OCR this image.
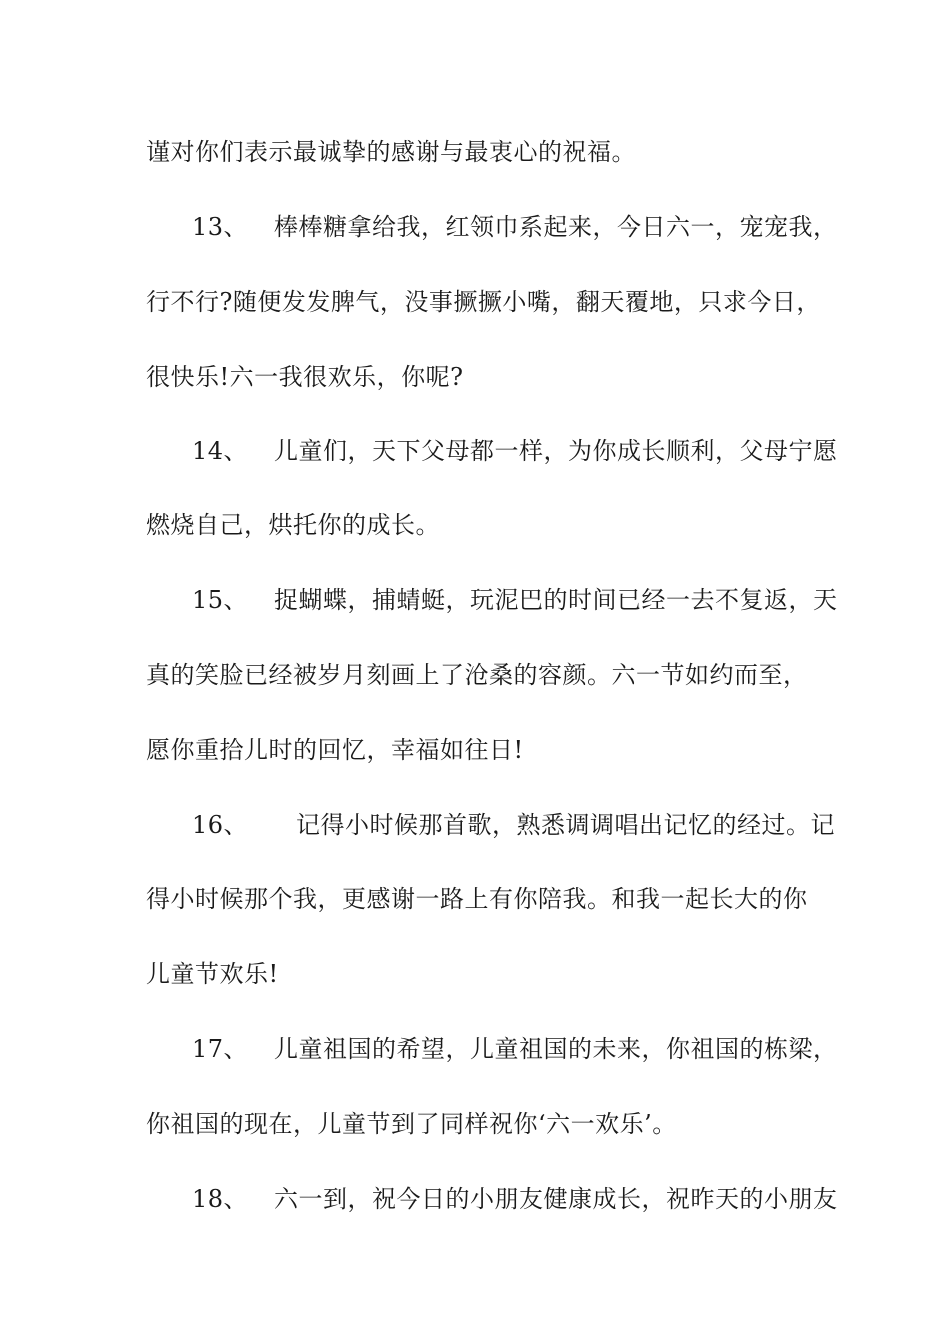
谨对你们表示最诚挚的感谢与最衷心的祝福。
13、 棒棒糖拿给我，红领巾系起来，今日六一，宠宠我，
行不行?随便发发脾气，没事撅撅小嘴，翻天覆地，只求今日，
很快乐!六一我很欢乐，你呢?
14、 儿童们，天下父母都一样，为你成长顺利，父母宁愿
燃烧自己，烘托你的成长。
15、 捉蝴蝶，捕蜻蜓，玩泥巴的时间已经一去不复返，天
真的笑脸已经被岁月刻画上了沧桑的容颜。六一节如约而至，
愿你重拾儿时的回忆，幸福如往日!
16、 记得小时候那首歌，熟悉调调唱出记忆的经过。记
得小时候那个我，更感谢一路上有你陪我。和我一起长大的你
儿童节欢乐!
17、 儿童祖国的希望，儿童祖国的未来，你祖国的栋梁，
你祖国的现在，儿童节到了同样祝你‘六一欢乐’。
18、 六一到，祝今日的小朋友健康成长，祝昨天的小朋友
